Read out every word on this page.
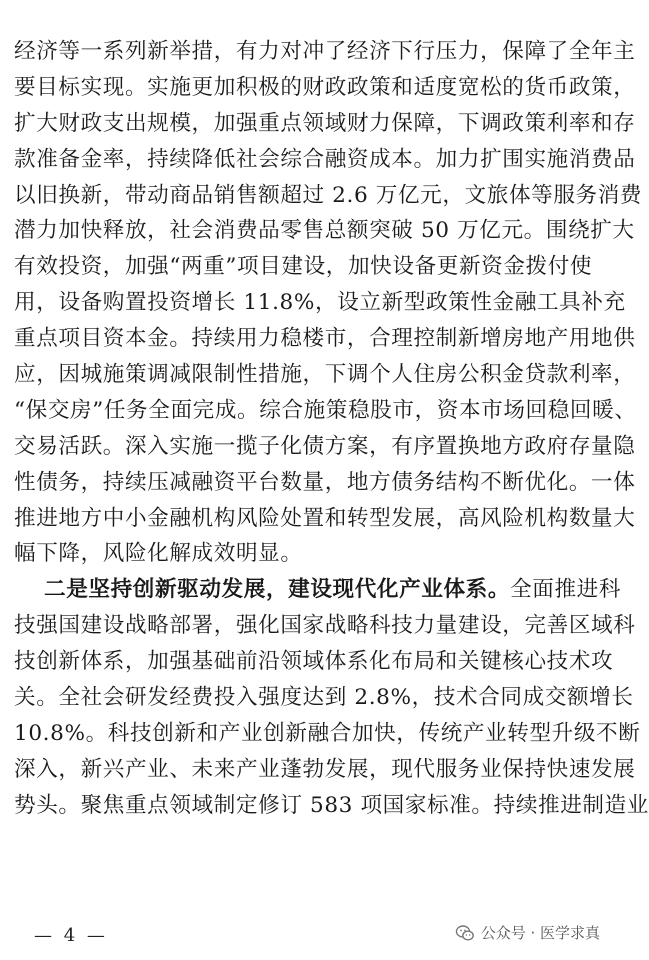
经济等一系列新举措，有力对冲了经济下行压力，保障了全年主
要目标实现。实施更加积极的财政政策和适度宽松的货币政策，
扩大财政支出规模，加强重点领域财力保障，下调政策利率和存
款准备金率，持续降低社会综合融资成本。加力扩围实施消费品
以旧换新，带动商品销售额超过 2.6 万亿元，文旅体等服务消费
潜力加快释放，社会消费品零售总额突破 50 万亿元。围绕扩大
有效投资，加强“两重”项目建设，加快设备更新资金拨付使
用，设备购置投资增长 11.8%，设立新型政策性金融工具补充
重点项目资本金。持续用力稳楼市，合理控制新增房地产用地供
应，因城施策调减限制性措施，下调个人住房公积金贷款利率，
“保交房”任务全面完成。综合施策稳股市，资本市场回稳回暖、
交易活跃。深入实施一揽子化债方案，有序置换地方政府存量隐
性债务，持续压减融资平台数量，地方债务结构不断优化。一体
推进地方中小金融机构风险处置和转型发展，高风险机构数量大
幅下降，风险化解成效明显。
二是坚持创新驱动发展，建设现代化产业体系。全面推进科
技强国建设战略部署，强化国家战略科技力量建设，完善区域科
技创新体系，加强基础前沿领域体系化布局和关键核心技术攻
关。全社会研发经费投入强度达到 2.8%，技术合同成交额增长
10.8%。科技创新和产业创新融合加快，传统产业转型升级不断
深入，新兴产业、未来产业蓬勃发展，现代服务业保持快速发展
势头。聚焦重点领域制定修订 583 项国家标准。持续推进制造业
— 4 —	公众号 · 医学求真
